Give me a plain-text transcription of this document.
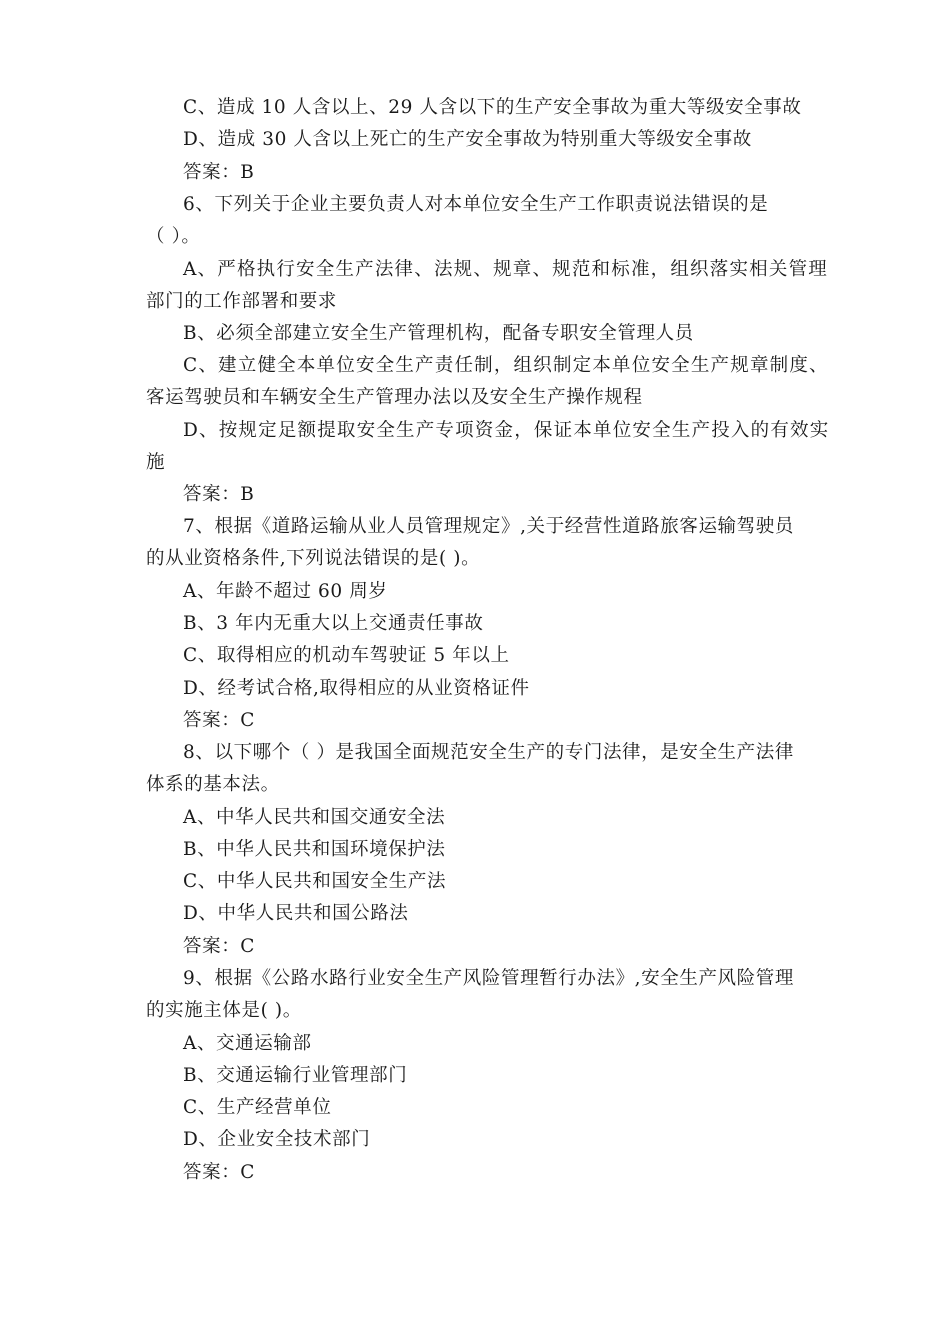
C、造成 10 人含以上、29 人含以下的生产安全事故为重大等级安全事故
D、造成 30 人含以上死亡的生产安全事故为特别重大等级安全事故
答案：B
6、下列关于企业主要负责人对本单位安全生产工作职责说法错误的是
（ ）。
A、严格执行安全生产法律、法规、规章、规范和标准，组织落实相关管理
部门的工作部署和要求
B、必须全部建立安全生产管理机构，配备专职安全管理人员
C、建立健全本单位安全生产责任制，组织制定本单位安全生产规章制度、
客运驾驶员和车辆安全生产管理办法以及安全生产操作规程
D、按规定足额提取安全生产专项资金，保证本单位安全生产投入的有效实
施
答案：B
7、根据《道路运输从业人员管理规定》,关于经营性道路旅客运输驾驶员
的从业资格条件,下列说法错误的是( )。
A、年龄不超过 60 周岁
B、3 年内无重大以上交通责任事故
C、取得相应的机动车驾驶证 5 年以上
D、经考试合格,取得相应的从业资格证件
答案：C
8、以下哪个（ ）是我国全面规范安全生产的专门法律，是安全生产法律
体系的基本法。
A、中华人民共和国交通安全法
B、中华人民共和国环境保护法
C、中华人民共和国安全生产法
D、中华人民共和国公路法
答案：C
9、根据《公路水路行业安全生产风险管理暂行办法》,安全生产风险管理
的实施主体是( )。
A、交通运输部
B、交通运输行业管理部门
C、生产经营单位
D、企业安全技术部门
答案：C
